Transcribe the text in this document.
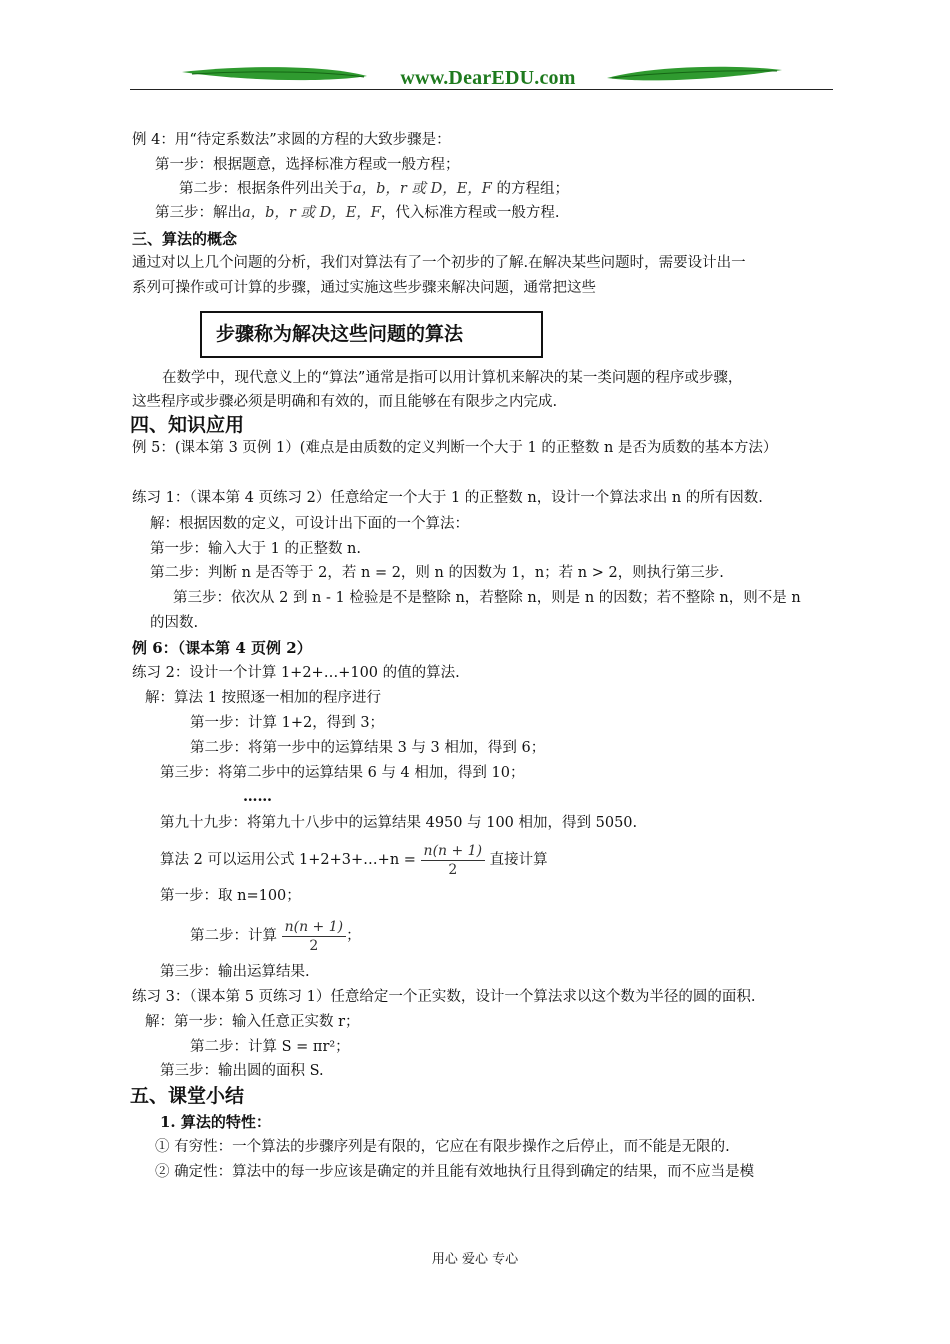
www.DearEDU.com
例 4：用“待定系数法”求圆的方程的大致步骤是：
第一步：根据题意，选择标准方程或一般方程；
第二步：根据条件列出关于a，b，r 或 D，E，F 的方程组；
第三步：解出a，b，r 或 D，E，F，代入标准方程或一般方程.
三、算法的概念
通过对以上几个问题的分析，我们对算法有了一个初步的了解.在解决某些问题时，需要设计出一
系列可操作或可计算的步骤，通过实施这些步骤来解决问题，通常把这些
步骤称为解决这些问题的算法
在数学中，现代意义上的“算法”通常是指可以用计算机来解决的某一类问题的程序或步骤，
这些程序或步骤必须是明确和有效的，而且能够在有限步之内完成.
四、知识应用
例 5：(课本第 3 页例 1）(难点是由质数的定义判断一个大于 1 的正整数 n 是否为质数的基本方法）
练习 1：（课本第 4 页练习 2）任意给定一个大于 1 的正整数 n，设计一个算法求出 n 的所有因数.
解：根据因数的定义，可设计出下面的一个算法：
第一步：输入大于 1 的正整数 n.
第二步：判断 n 是否等于 2，若 n = 2，则 n 的因数为 1，n；若 n > 2，则执行第三步.
第三步：依次从 2 到 n - 1 检验是不是整除 n，若整除 n，则是 n 的因数；若不整除 n，则不是 n
的因数.
例 6：（课本第 4 页例 2）
练习 2：设计一个计算 1+2+…+100 的值的算法.
解：算法 1 按照逐一相加的程序进行
第一步：计算 1+2，得到 3；
第二步：将第一步中的运算结果 3 与 3 相加，得到 6；
第三步：将第二步中的运算结果 6 与 4 相加，得到 10；
……
第九十九步：将第九十八步中的运算结果 4950 与 100 相加，得到 5050.
算法 2 可以运用公式 1+2+3+…+n = $\frac{n(n + 1)}{2}$ 直接计算
第一步：取 n=100；
第二步：计算 $\frac{n(n + 1)}{2}$ ；
第三步：输出运算结果.
练习 3：（课本第 5 页练习 1）任意给定一个正实数，设计一个算法求以这个数为半径的圆的面积.
解：第一步：输入任意正实数 r；
第二步：计算 S = πr²；
第三步：输出圆的面积 S.
五、课堂小结
1. 算法的特性：
① 有穷性：一个算法的步骤序列是有限的，它应在有限步操作之后停止，而不能是无限的.
② 确定性：算法中的每一步应该是确定的并且能有效地执行且得到确定的结果，而不应当是模
用心 爱心 专心
